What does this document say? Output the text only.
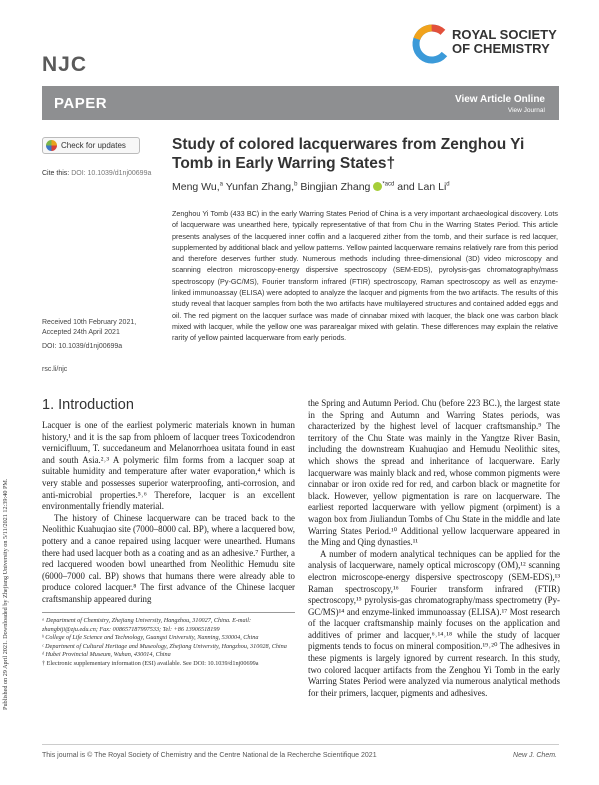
Published on 29 April 2021. Downloaded by Zhejiang University on 5/11/2021 12:39:40 PM.
NJC
ROYAL SOCIETY
OF CHEMISTRY
PAPER	View Article Online
View Journal
Check for updates
Cite this: DOI: 10.1039/d1nj00699a
Study of colored lacquerwares from Zenghou Yi Tomb in Early Warring States†
Meng Wu,$^a$ Yunfan Zhang,$^b$ Bingjian Zhang $^{*acd}$ and Lan Li$^d$
Zenghou Yi Tomb (433 BC) in the early Warring States Period of China is a very important archaeological discovery. Lots of lacquerware was unearthed here, typically representative of that from Chu in the Warring States Period. This article presents analyses of the lacquered inner coffin and a lacquered zither from the tomb, and their surface is red lacquer, supplemented by additional black and yellow patterns. Yellow painted lacquerware remains relatively rare from this period and therefore deserves further study. Numerous methods including three-dimensional (3D) video microscopy and scanning electron microscopy-energy dispersive spectroscopy (SEM-EDS), pyrolysis-gas chromatography/mass spectroscopy (Py-GC/MS), Fourier transform infrared (FTIR) spectroscopy, Raman spectroscopy as well as enzyme-linked immunoassay (ELISA) were adopted to analyze the lacquer and pigments from the two artifacts. The results of this study reveal that lacquer samples from both the two artifacts have multilayered structures and contained added eggs and oil. The red pigment on the lacquer surface was made of cinnabar mixed with lacquer, the black one was carbon black mixed with lacquer, while the yellow one was pararealgar mixed with gelatin. These differences may explain the relative rarity of yellow painted lacquerware from early periods.
Received 10th February 2021,
Accepted 24th April 2021
DOI: 10.1039/d1nj00699a
rsc.li/njc
1. Introduction

Lacquer is one of the earliest polymeric materials known in human history,¹ and it is the sap from phloem of lacquer trees Toxicodendron vernicifluum, T. succedaneum and Melanorrhoea usitata found in east and south Asia.²˒³ A polymeric film forms from a lacquer soap at suitable humidity and temperature after water evaporation,⁴ which is very stable and possesses superior waterproofing, anti-corrosion, and anti-microbial properties.⁵˒⁶ Therefore, lacquer is an excellent environmentally friendly material.

The history of Chinese lacquerware can be traced back to the Neolithic Kuahuqiao site (7000–8000 cal. BP), where a lacquered bow, pottery and a canoe repaired using lacquer were unearthed. Humans there had used lacquer both as a coating and as an adhesive.⁷ Further, a red lacquered wooden bowl unearthed from Neolithic Hemudu site (6000–7000 cal. BP) shows that humans there were already able to produce colored lacquer.⁸ The first advance of the Chinese lacquer craftsmanship appeared during

the Spring and Autumn Period. Chu (before 223 BC.), the largest state in the Spring and Autumn and Warring States periods, was characterized by the highest level of lacquer craftsmanship.⁹ The territory of the Chu State was mainly in the Yangtze River Basin, including the downstream Kuahuqiao and Hemudu Neolithic sites, which shows the spread and inheritance of lacquerware. Early lacquerware was mainly black and red, whose common pigments were cinnabar or iron oxide red for red, and carbon black or magnetite for black. However, yellow pigmentation is rare on lacquerware. The earliest reported lacquerware with yellow pigment (orpiment) is a wagon box from Jiuliandun Tombs of Chu State in the middle and late Warring States Period.¹⁰ Additional yellow lacquerware appeared in the Ming and Qing dynasties.¹¹

A number of modern analytical techniques can be applied for the analysis of lacquerware, namely optical microscopy (OM),¹² scanning electron microscope-energy dispersive spectroscopy (SEM-EDS),¹³ Raman spectroscopy,¹⁶ Fourier transform infrared (FTIR) spectroscopy,¹⁵ pyrolysis-gas chromatography/mass spectrometry (Py-GC/MS)¹⁴ and enzyme-linked immunoassay (ELISA).¹⁷ Most research of the lacquer craftsmanship mainly focuses on the application and additives of primer and lacquer,⁶˒¹⁴˒¹⁸ while the study of lacquer pigments tends to focus on mineral composition.¹⁹˒²⁰ The adhesives in these pigments is largely ignored by current research. In this study, two colored lacquer artifacts from the Zenghou Yi Tomb in the early Warring States Period were analyzed via numerous analytical methods for their primers, lacquer, pigments and adhesives.

ᵃ Department of Chemistry, Zhejiang University, Hangzhou, 310027, China. E-mail: zhangbiji@zju.edu.cn; Fax: 008657187997533; Tel: +86 13906518199
ᵇ College of Life Science and Technology, Guangxi University, Nanning, 530004, China
ᶜ Department of Cultural Heritage and Museology, Zhejiang University, Hangzhou, 310028, China
ᵈ Hubei Provincial Museum, Wuhan, 430014, China
† Electronic supplementary information (ESI) available. See DOI: 10.1039/d1nj00699a
This journal is © The Royal Society of Chemistry and the Centre National de la Recherche Scientifique 2021	New J. Chem.
